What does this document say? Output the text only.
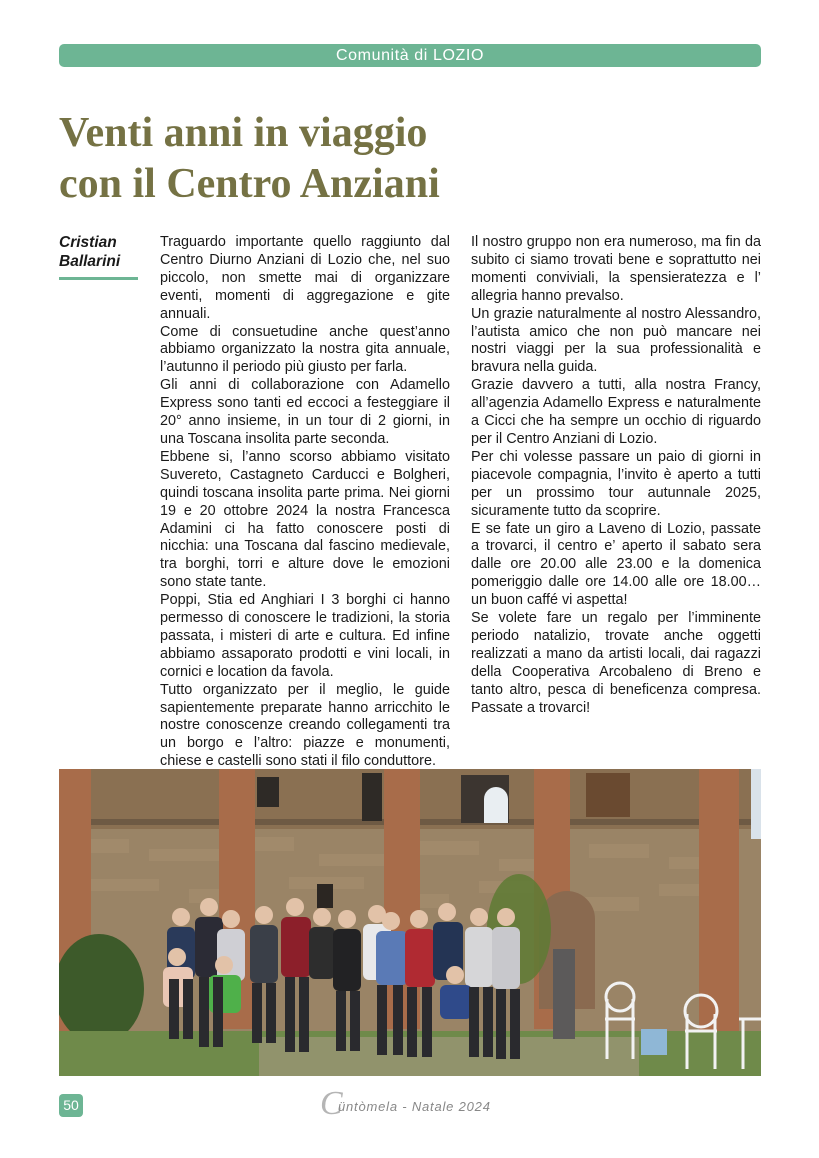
Comunità di LOZIO
Venti anni in viaggio
con il Centro Anziani
Cristian
Ballarini

Traguardo importante quello raggiunto dal Centro Diurno Anziani di Lozio che, nel suo piccolo, non smette mai di organizzare eventi, momenti di aggregazione e gite annuali.

Come di consuetudine anche quest’anno abbiamo organizzato la nostra gita annuale, l’autunno il periodo più giusto per farla.

Gli anni di collaborazione con Adamello Express sono tanti ed eccoci a festeggiare il 20° anno insieme, in un tour di 2 giorni, in una Toscana insolita parte seconda.

Ebbene si, l’anno scorso abbiamo visitato Suvereto, Castagneto Carducci e Bolgheri, quindi toscana insolita parte prima. Nei giorni 19 e 20 ottobre 2024 la nostra Francesca Adamini ci ha fatto conoscere posti di nicchia: una Toscana dal fascino medievale, tra borghi, torri e alture dove le emozioni sono state tante.

Poppi, Stia ed Anghiari I 3 borghi ci hanno permesso di conoscere le tradizioni, la storia passata, i misteri di arte e cultura. Ed infine abbiamo assaporato prodotti e vini locali, in cornici e location da favola.

Tutto organizzato per il meglio, le guide sapientemente preparate hanno arricchito le nostre conoscenze creando collegamenti tra un borgo e l’altro: piazze e monumenti, chiese e castelli sono stati il filo conduttore.

Il nostro gruppo non era numeroso, ma fin da subito ci siamo trovati bene e soprattutto nei momenti conviviali, la spensieratezza e l’ allegria hanno prevalso.

Un grazie naturalmente al nostro Alessandro, l’autista amico che non può mancare nei nostri viaggi per la sua professionalità e bravura nella guida.

Grazie davvero a tutti, alla nostra Francy, all’agenzia Adamello Express e naturalmente a Cicci che ha sempre un occhio di riguardo per il Centro Anziani di Lozio.

Per chi volesse passare un paio di giorni in piacevole compagnia, l’invito è aperto a tutti per un prossimo tour autunnale 2025, sicuramente tutto da scoprire.

E se fate un giro a Laveno di Lozio, passate a trovarci, il centro e’ aperto il sabato sera dalle ore 20.00 alle 23.00 e la domenica pomeriggio dalle ore 14.00 alle ore 18.00… un buon caffé vi aspetta!

Se volete fare un regalo per l’imminente periodo natalizio, trovate anche oggetti realizzati a mano da artisti locali, dai ragazzi della Cooperativa Arcobaleno di Breno e tanto altro, pesca di beneficenza compresa. Passate a trovarci!

50	C
üntòmela - Natale 2024
